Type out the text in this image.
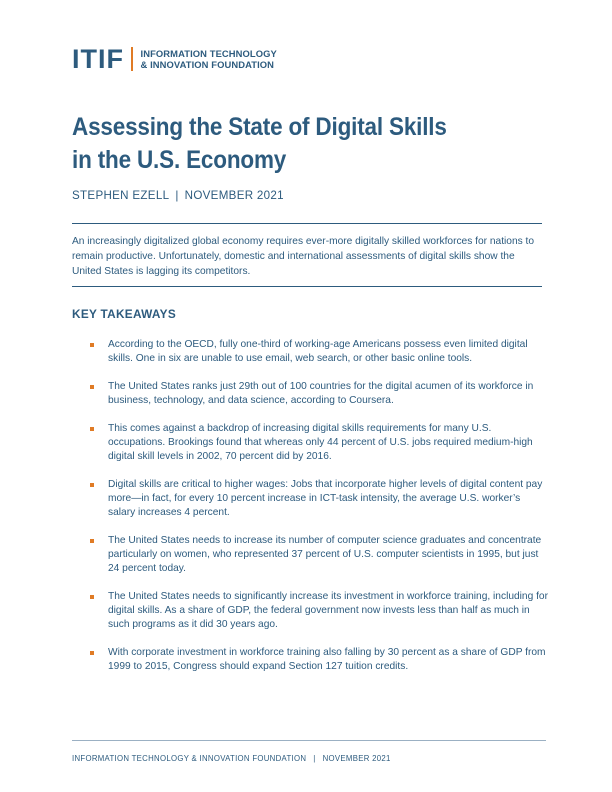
ITIF INFORMATION TECHNOLOGY
& INNOVATION FOUNDATION
Assessing the State of Digital Skills
in the U.S. Economy
STEPHEN EZELL | NOVEMBER 2021

An increasingly digitalized global economy requires ever-more digitally skilled workforces for nations to remain productive. Unfortunately, domestic and international assessments of digital skills show the United States is lagging its competitors.

KEY TAKEAWAYS
According to the OECD, fully one-third of working-age Americans possess even limited digital skills. One in six are unable to use email, web search, or other basic online tools.
The United States ranks just 29th out of 100 countries for the digital acumen of its workforce in business, technology, and data science, according to Coursera.
This comes against a backdrop of increasing digital skills requirements for many U.S. occupations. Brookings found that whereas only 44 percent of U.S. jobs required medium-high digital skill levels in 2002, 70 percent did by 2016.
Digital skills are critical to higher wages: Jobs that incorporate higher levels of digital content pay more—in fact, for every 10 percent increase in ICT-task intensity, the average U.S. worker’s salary increases 4 percent.
The United States needs to increase its number of computer science graduates and concentrate particularly on women, who represented 37 percent of U.S. computer scientists in 1995, but just 24 percent today.
The United States needs to significantly increase its investment in workforce training, including for digital skills. As a share of GDP, the federal government now invests less than half as much in such programs as it did 30 years ago.
With corporate investment in workforce training also falling by 30 percent as a share of GDP from 1999 to 2015, Congress should expand Section 127 tuition credits.
INFORMATION TECHNOLOGY & INNOVATION FOUNDATION | NOVEMBER 2021
